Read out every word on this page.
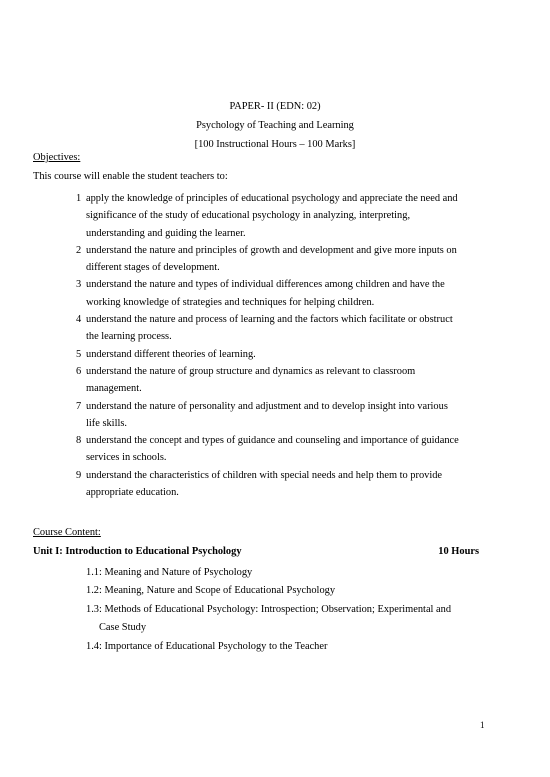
PAPER- II (EDN: 02)
Psychology of Teaching and Learning
[100 Instructional Hours – 100 Marks]
Objectives:
This course will enable the student teachers to:
1 apply the knowledge of principles of educational psychology and appreciate the need and
significance of the study of educational psychology in analyzing, interpreting,
understanding and guiding the learner.
2 understand the nature and principles of growth and development and give more inputs on
different stages of development.
3 understand the nature and types of individual differences among children and have the
working knowledge of strategies and techniques for helping children.
4 understand the nature and process of learning and the factors which facilitate or obstruct
the learning process.
5 understand different theories of learning.
6 understand the nature of group structure and dynamics as relevant to classroom
management.
7 understand the nature of personality and adjustment and to develop insight into various
life skills.
8 understand the concept and types of guidance and counseling and importance of guidance
services in schools.
9 understand the characteristics of children with special needs and help them to provide
appropriate education.
Course Content:
Unit I: Introduction to Educational Psychology	10 Hours
1.1: Meaning and Nature of Psychology
1.2: Meaning, Nature and Scope of Educational Psychology
1.3: Methods of Educational Psychology: Introspection; Observation; Experimental and
Case Study
1.4: Importance of Educational Psychology to the Teacher
1
